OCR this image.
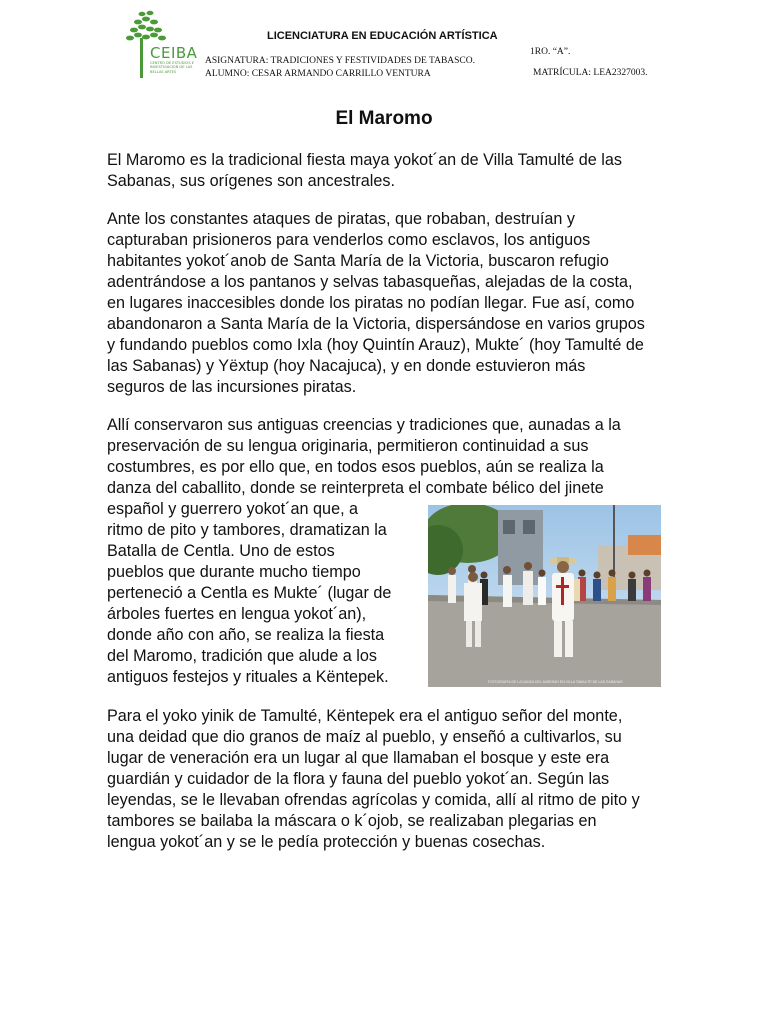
CEIBA
CENTRO DE ESTUDIOS E INVESTIGACION DE LAS BELLAS ARTES
LICENCIATURA EN EDUCACIÓN ARTÍSTICA
ASIGNATURA: TRADICIONES Y FESTIVIDADES DE TABASCO.
ALUMNO: CESAR ARMANDO CARRILLO VENTURA
1RO. “A”.
MATRÍCULA: LEA2327003.
El Maromo

El Maromo es la tradicional fiesta maya yokot´an de Villa Tamulté de las Sabanas, sus orígenes son ancestrales.

Ante los constantes ataques de piratas, que robaban, destruían y capturaban prisioneros para venderlos como esclavos, los antiguos habitantes yokot´anob de Santa María de la Victoria, buscaron refugio adentrándose a los pantanos y selvas tabasqueñas, alejadas de la costa, en lugares inaccesibles donde los piratas no podían llegar. Fue así, como abandonaron a Santa María de la Victoria, dispersándose en varios grupos y fundando pueblos como Ixla (hoy Quintín Arauz), Mukte´ (hoy Tamulté de las Sabanas) y Yëxtup (hoy Nacajuca), y en donde estuvieron más seguros de las incursiones piratas.

Allí conservaron sus antiguas creencias y tradiciones que, aunadas a la preservación de su lengua originaria, permitieron continuidad a sus costumbres, es por ello que, en todos esos pueblos, aún se realiza la danza del caballito, donde se reinterpreta el combate bélico del jinete

español y guerrero yokot´an que, a
ritmo de pito y tambores, dramatizan la
Batalla de Centla. Uno de estos
pueblos que durante mucho tiempo
perteneció a Centla es Mukte´ (lugar de
árboles fuertes en lengua yokot´an),
donde año con año, se realiza la fiesta
del Maromo, tradición que alude a los
antiguos festejos y rituales a Këntepek.	FOTOGRAFÍA DE LA DANZA DEL MAROMO EN VILLA TAMULTÉ DE LAS SABANAS

Para el yoko yinik de Tamulté, Këntepek era el antiguo señor del monte, una deidad que dio granos de maíz al pueblo, y enseñó a cultivarlos, su lugar de veneración era un lugar al que llamaban el bosque y este era guardián y cuidador de la flora y fauna del pueblo yokot´an. Según las leyendas, se le llevaban ofrendas agrícolas y comida, allí al ritmo de pito y tambores se bailaba la máscara o k´ojob, se realizaban plegarias en lengua yokot´an y se le pedía protección y buenas cosechas.
